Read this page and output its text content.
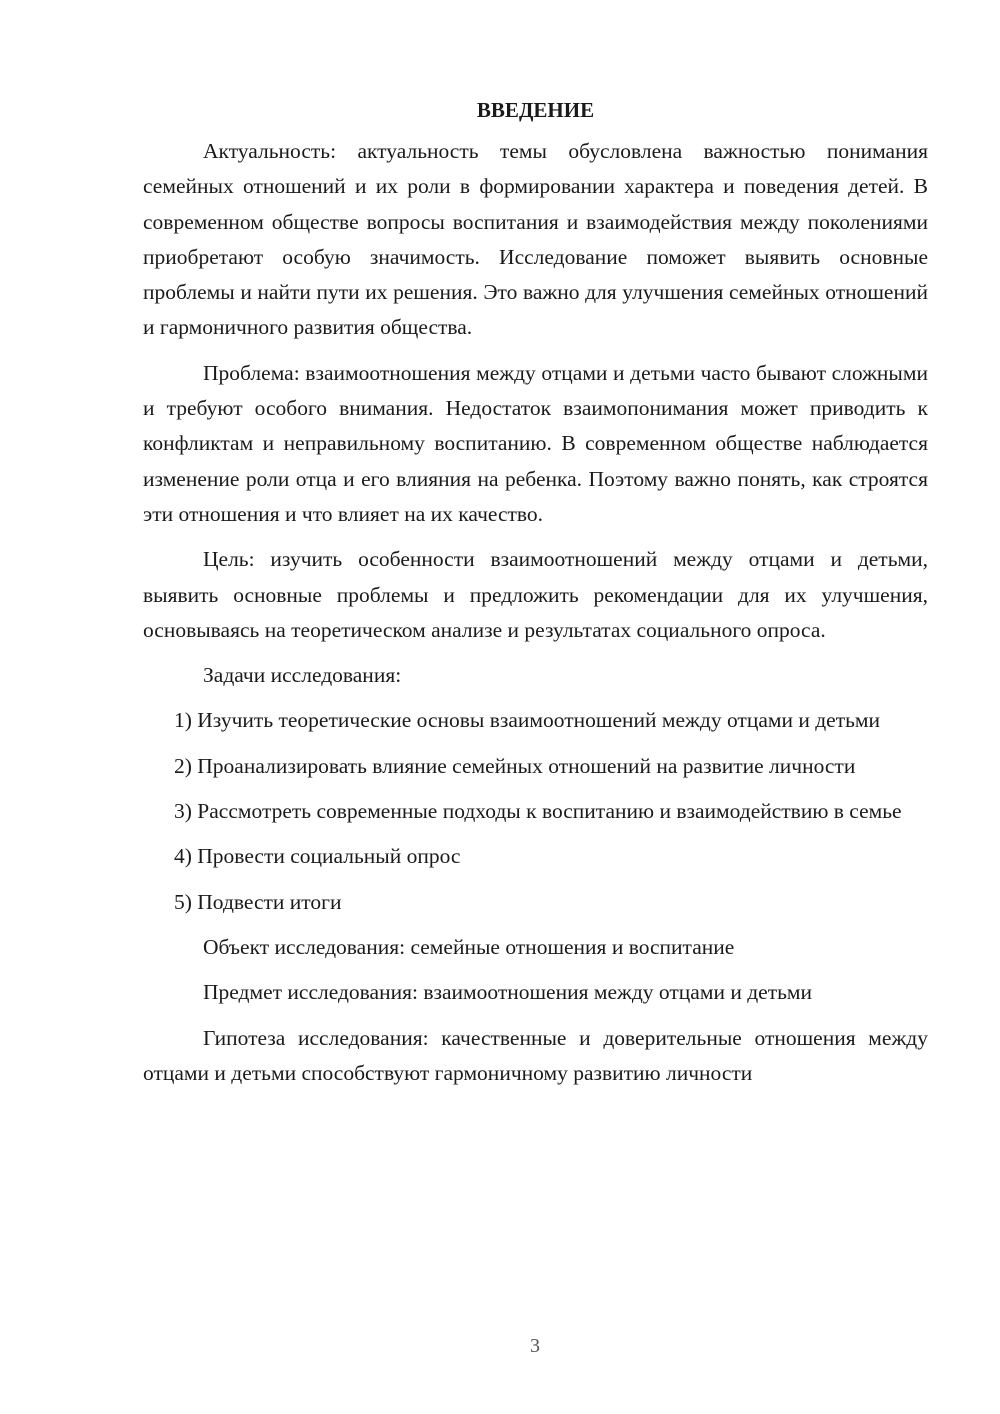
ВВЕДЕНИЕ

Актуальность: актуальность темы обусловлена важностью понимания семейных отношений и их роли в формировании характера и поведения детей. В современном обществе вопросы воспитания и взаимодействия между поколениями приобретают особую значимость. Исследование поможет выявить основные проблемы и найти пути их решения. Это важно для улучшения семейных отношений и гармоничного развития общества.

Проблема: взаимоотношения между отцами и детьми часто бывают сложными и требуют особого внимания. Недостаток взаимопонимания может приводить к конфликтам и неправильному воспитанию. В современном обществе наблюдается изменение роли отца и его влияния на ребенка. Поэтому важно понять, как строятся эти отношения и что влияет на их качество.

Цель: изучить особенности взаимоотношений между отцами и детьми, выявить основные проблемы и предложить рекомендации для их улучшения, основываясь на теоретическом анализе и результатах социального опроса.

Задачи исследования:

1) Изучить теоретические основы взаимоотношений между отцами и детьми

2) Проанализировать влияние семейных отношений на развитие личности

3) Рассмотреть современные подходы к воспитанию и взаимодействию в семье

4) Провести социальный опрос

5) Подвести итоги

Объект исследования: семейные отношения и воспитание

Предмет исследования: взаимоотношения между отцами и детьми

Гипотеза исследования: качественные и доверительные отношения между отцами и детьми способствуют гармоничному развитию личности

3
